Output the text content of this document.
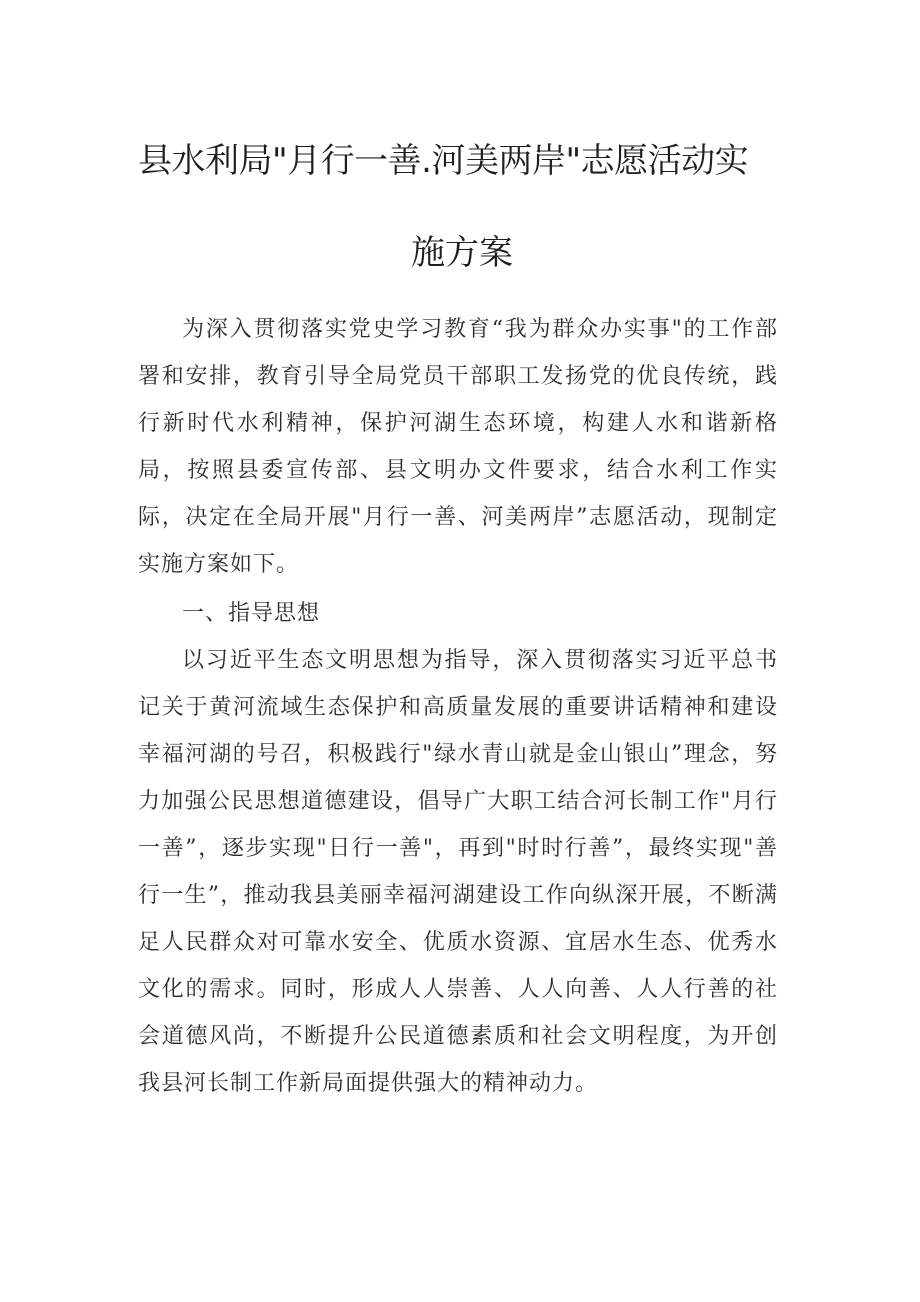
县水利局"月行一善.河美两岸"志愿活动实
施方案

为深入贯彻落实党史学习教育“我为群众办实事"的工作部署和安排，教育引导全局党员干部职工发扬党的优良传统，践行新时代水利精神，保护河湖生态环境，构建人水和谐新格局，按照县委宣传部、县文明办文件要求，结合水利工作实际，决定在全局开展"月行一善、河美两岸”志愿活动，现制定实施方案如下。

一、指导思想

以习近平生态文明思想为指导，深入贯彻落实习近平总书记关于黄河流域生态保护和高质量发展的重要讲话精神和建设幸福河湖的号召，积极践行"绿水青山就是金山银山”理念，努力加强公民思想道德建设，倡导广大职工结合河长制工作"月行一善”，逐步实现"日行一善"，再到"时时行善”，最终实现"善行一生”，推动我县美丽幸福河湖建设工作向纵深开展，不断满足人民群众对可靠水安全、优质水资源、宜居水生态、优秀水文化的需求。同时，形成人人崇善、人人向善、人人行善的社会道德风尚，不断提升公民道德素质和社会文明程度，为开创我县河长制工作新局面提供强大的精神动力。
